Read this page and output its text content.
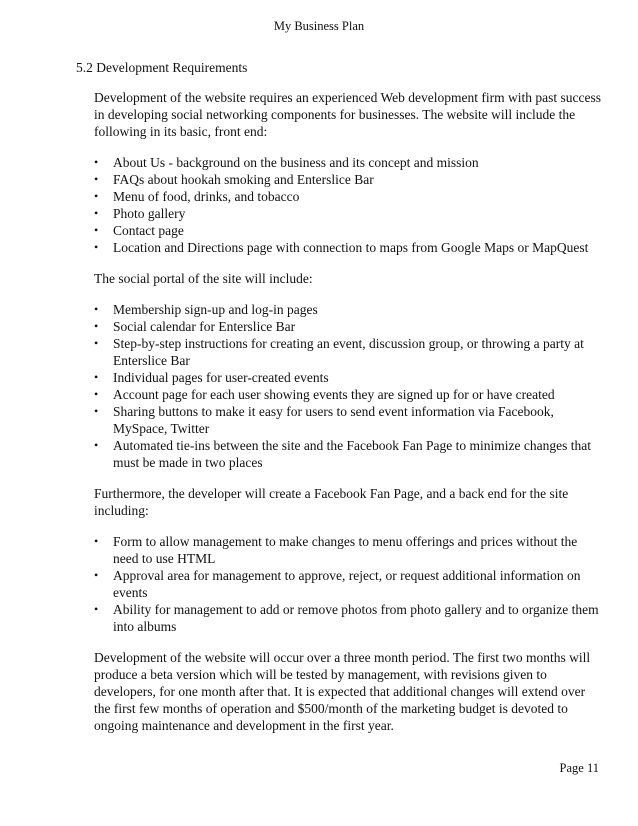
My Business Plan
5.2 Development Requirements

Development of the website requires an experienced Web development firm with past success in developing social networking components for businesses. The website will include the following in its basic, front end:

• About Us - background on the business and its concept and mission
• FAQs about hookah smoking and Enterslice Bar
• Menu of food, drinks, and tobacco
• Photo gallery
• Contact page
• Location and Directions page with connection to maps from Google Maps or MapQuest

The social portal of the site will include:

• Membership sign-up and log-in pages
• Social calendar for Enterslice Bar
• Step-by-step instructions for creating an event, discussion group, or throwing a party at Enterslice Bar
• Individual pages for user-created events
• Account page for each user showing events they are signed up for or have created
• Sharing buttons to make it easy for users to send event information via Facebook, MySpace, Twitter
• Automated tie-ins between the site and the Facebook Fan Page to minimize changes that must be made in two places

Furthermore, the developer will create a Facebook Fan Page, and a back end for the site including:

• Form to allow management to make changes to menu offerings and prices without the need to use HTML
• Approval area for management to approve, reject, or request additional information on events
• Ability for management to add or remove photos from photo gallery and to organize them into albums

Development of the website will occur over a three month period. The first two months will produce a beta version which will be tested by management, with revisions given to developers, for one month after that. It is expected that additional changes will extend over the first few months of operation and $500/month of the marketing budget is devoted to ongoing maintenance and development in the first year.

Page 11
